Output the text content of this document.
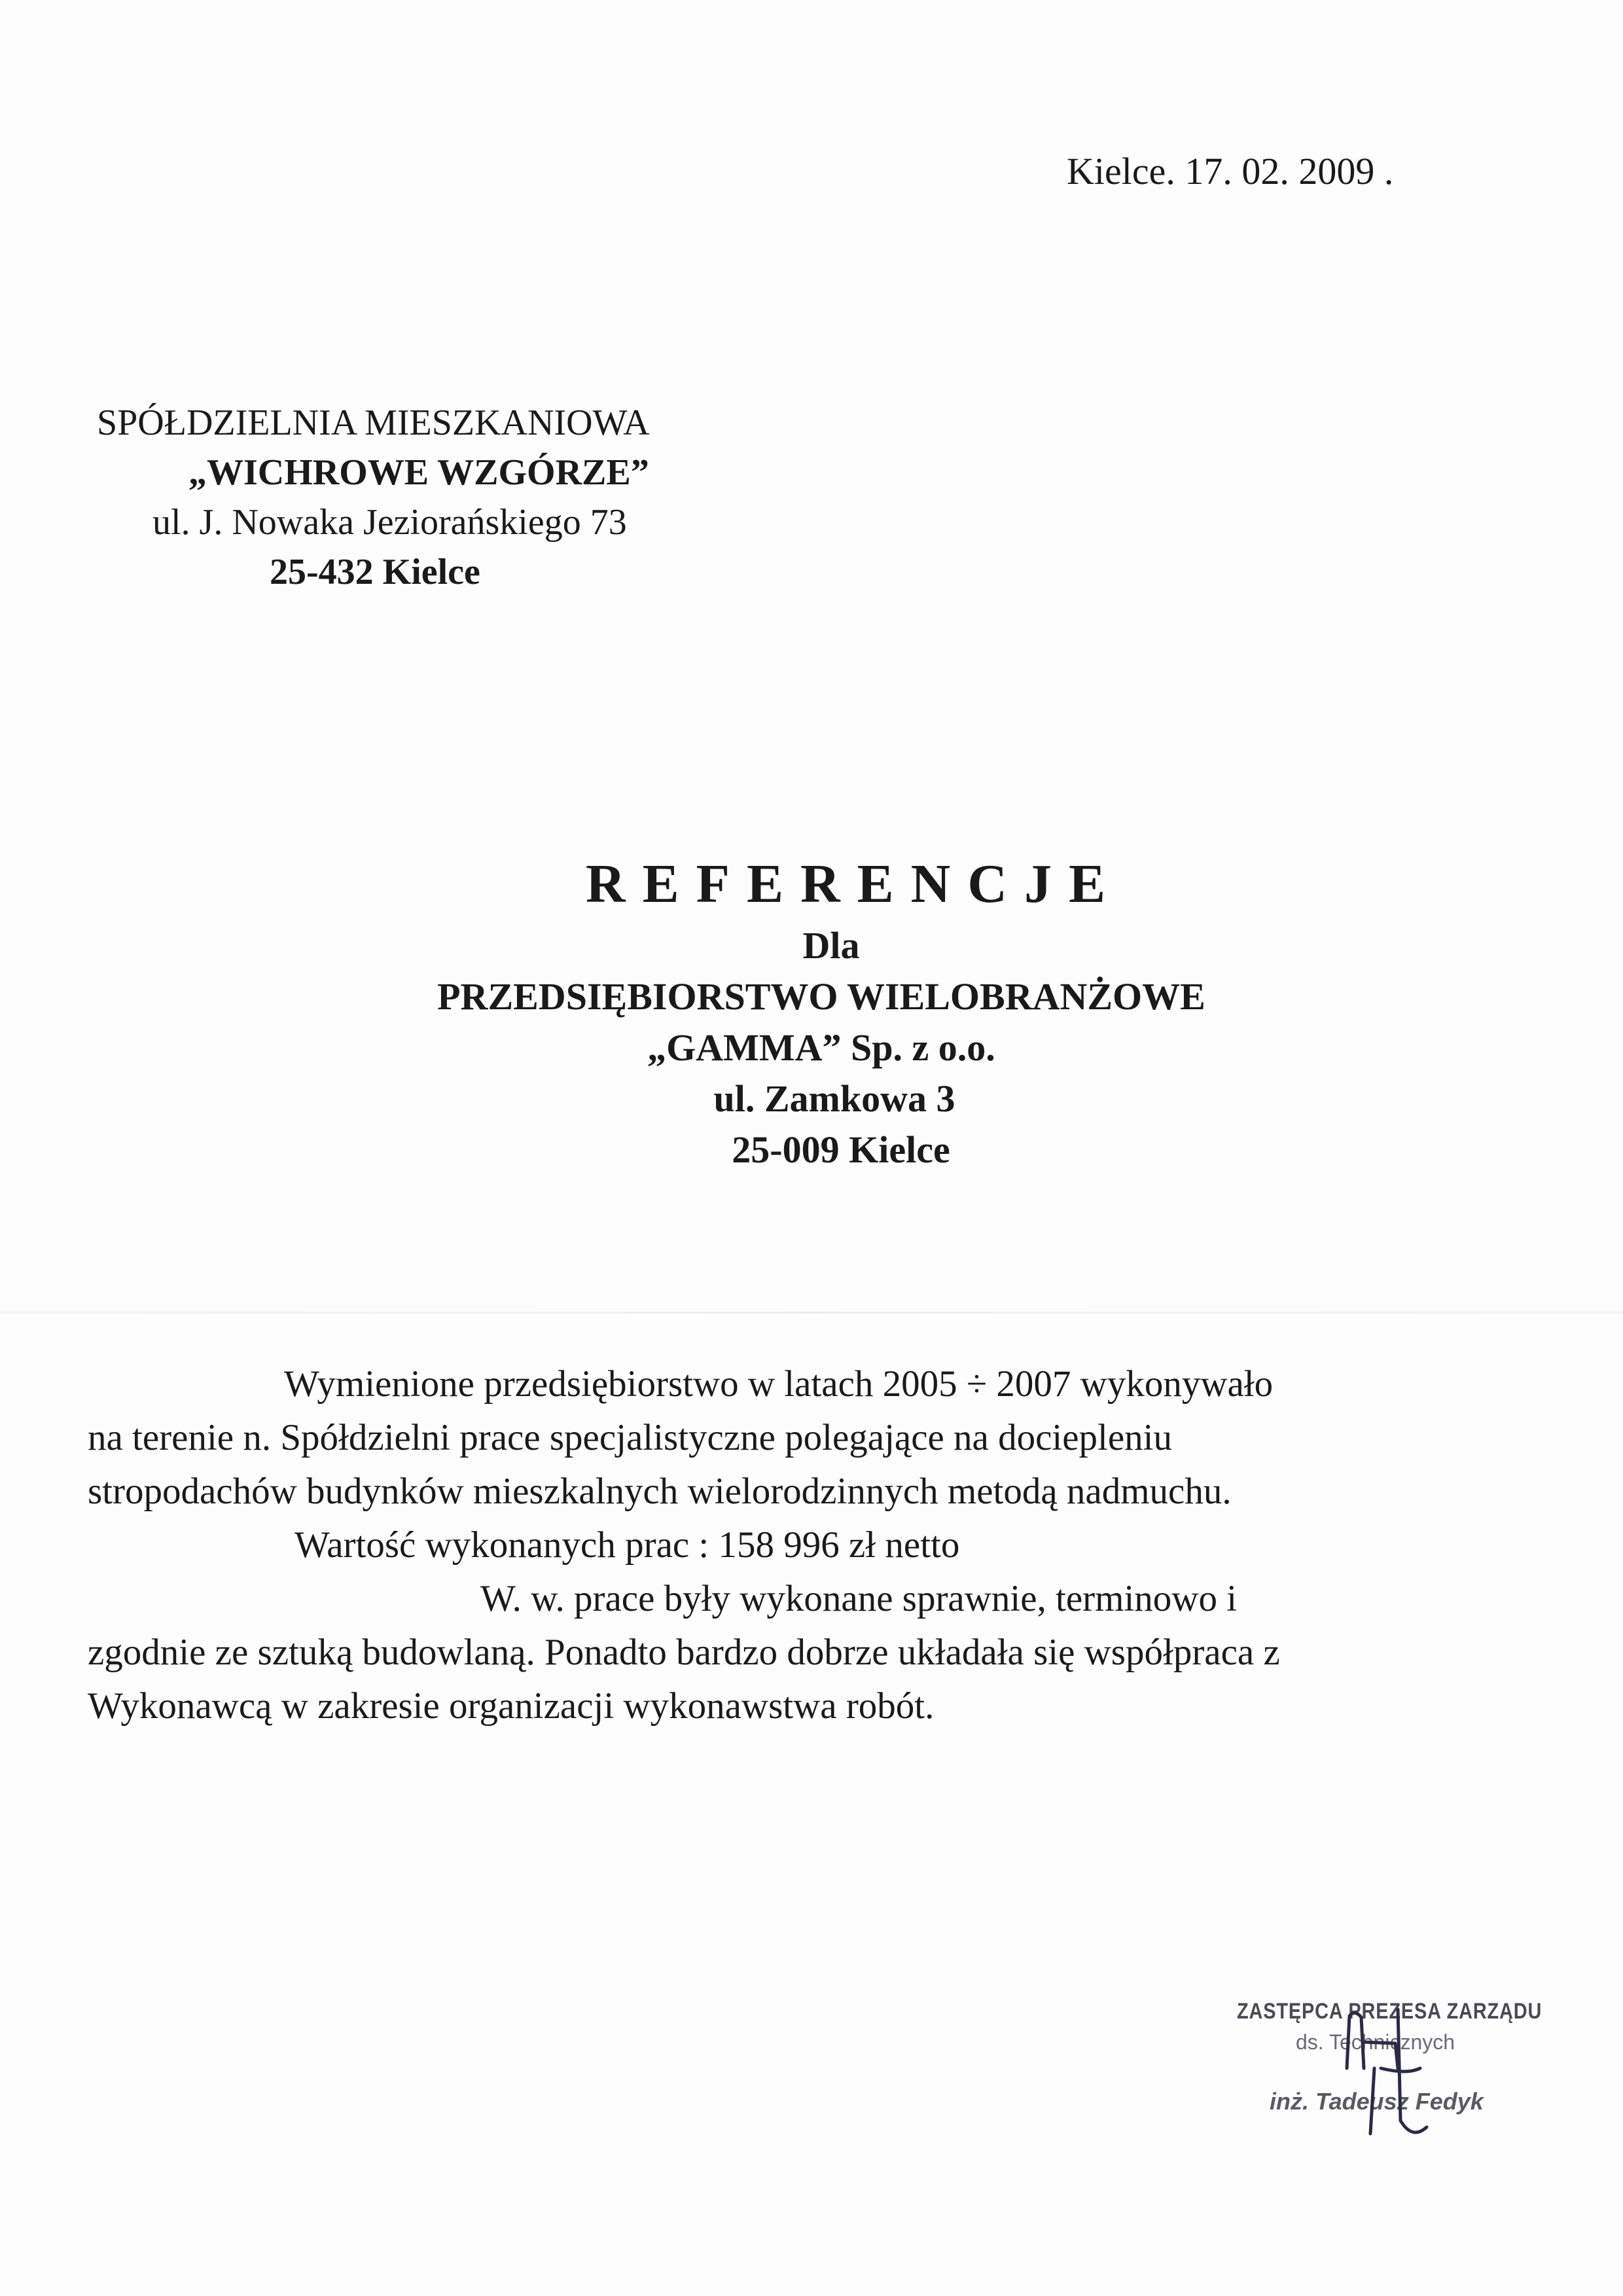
Kielce. 17. 02. 2009 .
SPÓŁDZIELNIA MIESZKANIOWA
„WICHROWE WZGÓRZE”
ul. J. Nowaka Jeziorańskiego 73
25-432 Kielce
REFERENCJE
Dla
PRZEDSIĘBIORSTWO WIELOBRANŻOWE
„GAMMA” Sp. z o.o.
ul. Zamkowa 3
25-009 Kielce
Wymienione przedsiębiorstwo w latach 2005 ÷ 2007 wykonywało
na terenie n. Spółdzielni prace specjalistyczne polegające na dociepleniu
stropodachów budynków mieszkalnych wielorodzinnych metodą nadmuchu.
Wartość wykonanych prac : 158 996 zł netto
W. w. prace były wykonane sprawnie, terminowo i
zgodnie ze sztuką budowlaną. Ponadto bardzo dobrze układała się współpraca z
Wykonawcą w zakresie organizacji wykonawstwa robót.
ZASTĘPCA PREZESA ZARZĄDU
ds. Technicznych
inż. Tadeusz Fedyk
